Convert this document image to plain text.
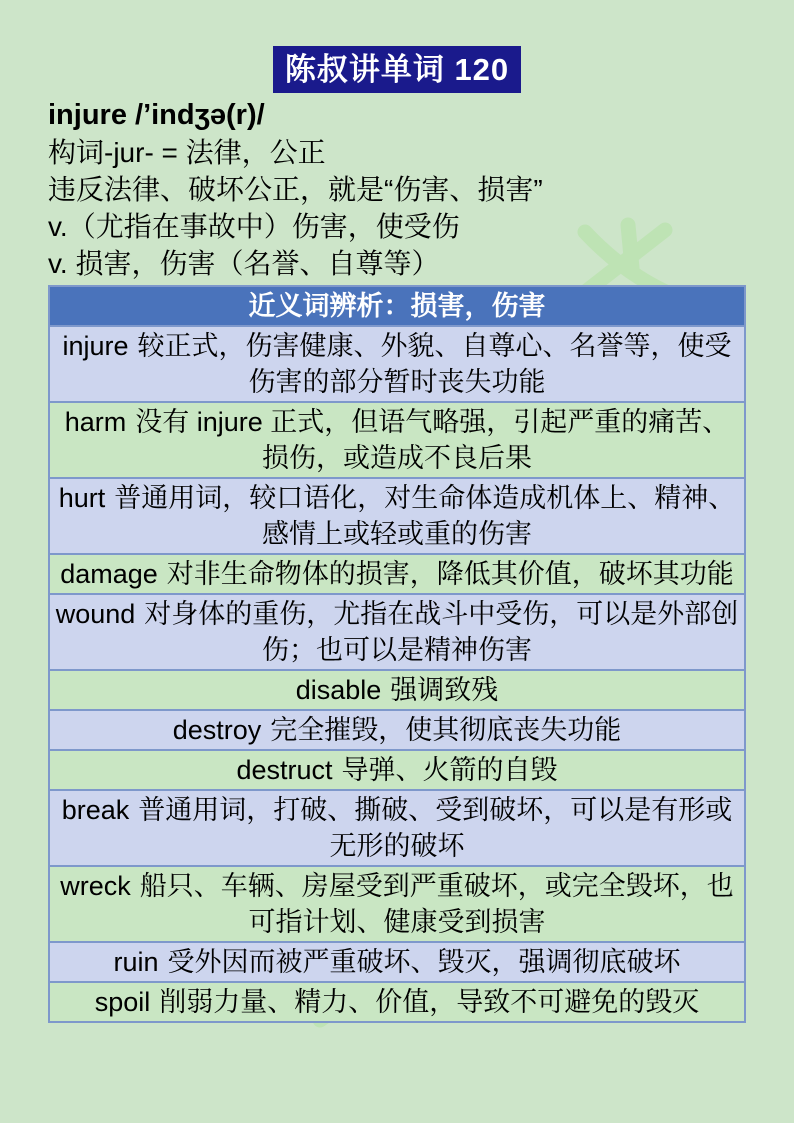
陈叔讲单词 120
injure /’indʒə(r)/
构词-jur- = 法律，公正
违反法律、破坏公正，就是“伤害、损害”
v.（尤指在事故中）伤害，使受伤
v. 损害，伤害（名誉、自尊等）
近义词辨析：损害，伤害
injure 较正式，伤害健康、外貌、自尊心、名誉等，使受伤害的部分暂时丧失功能
harm 没有 injure 正式，但语气略强，引起严重的痛苦、损伤，或造成不良后果
hurt 普通用词，较口语化，对生命体造成机体上、精神、感情上或轻或重的伤害
damage 对非生命物体的损害，降低其价值，破坏其功能
wound 对身体的重伤，尤指在战斗中受伤，可以是外部创伤；也可以是精神伤害
disable 强调致残
destroy 完全摧毁，使其彻底丧失功能
destruct 导弹、火箭的自毁
break 普通用词，打破、撕破、受到破坏，可以是有形或无形的破坏
wreck 船只、车辆、房屋受到严重破坏，或完全毁坏，也可指计划、健康受到损害
ruin 受外因而被严重破坏、毁灭，强调彻底破坏
spoil 削弱力量、精力、价值，导致不可避免的毁灭
